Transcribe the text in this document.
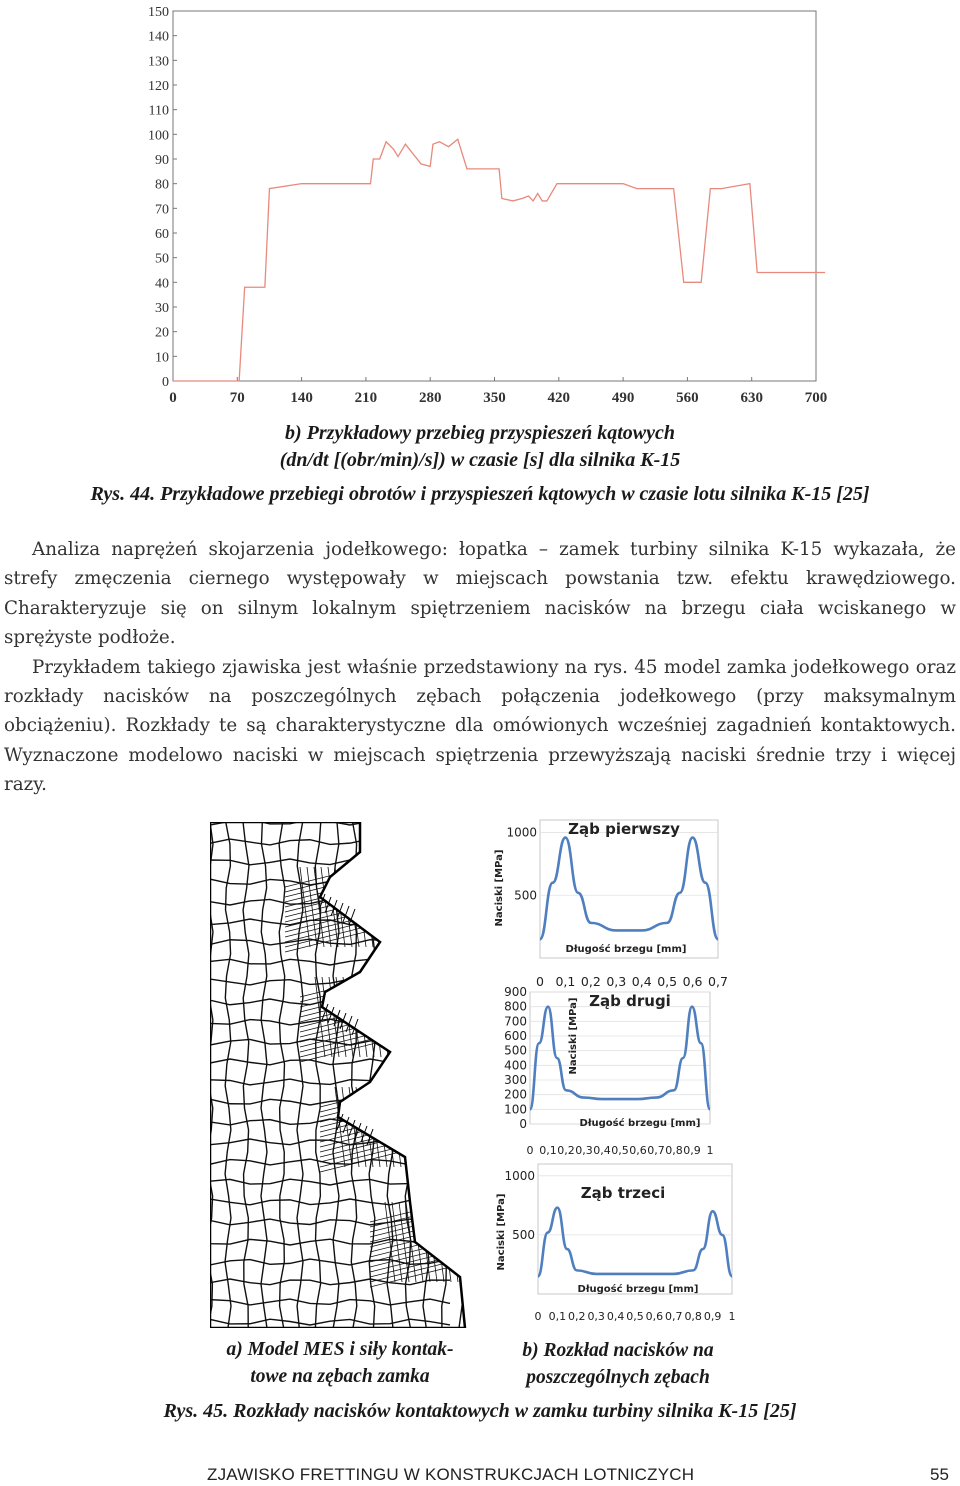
0
10
20
30
40
50
60
70
80
90
100
110
120
130
140
150
0	70	140	210	280	350	420	490	560	630	700
b) Przykładowy przebieg przyspieszeń kątowych
(dn/dt [(obr/min)/s]) w czasie [s] dla silnika K-15
Rys. 44. Przykładowe przebiegi obrotów i przyspieszeń kątowych w czasie lotu silnika K-15 [25]

Analiza naprężeń skojarzenia jodełkowego: łopatka – zamek turbiny silnika K-15 wykazała, że strefy zmęczenia ciernego występowały w miejscach powstania tzw. efektu krawędziowego. Charakteryzuje się on silnym lokalnym spiętrzeniem nacisków na brzegu ciała wciskanego w sprężyste podłoże.

Przykładem takiego zjawiska jest właśnie przedstawiony na rys. 45 model zamka jodełkowego oraz rozkłady nacisków na poszczególnych zębach połączenia jodełkowego (przy maksymalnym obciążeniu). Rozkłady te są charakterystyczne dla omówionych wcześniej zagadnień kontaktowych. Wyznaczone modelowo naciski w miejscach spiętrzenia przewyższają naciski średnie trzy i więcej razy.

500
1000
0 0,1 0,2 0,3 0,4 0,5 0,6 0,7
Ząb pierwszy
Długość brzegu [mm]
Naciski [MPa]
0
100
200
300
400
500
600
700
800
900
0 0,1 0,2 0,3 0,4 0,5 0,6 0,7 0,8 0,9 1
Ząb drugi
Długość brzegu [mm]
Naciski [MPa]
500
1000
0 0,1 0,2 0,3 0,4 0,5 0,6 0,7 0,8 0,9 1
Ząb trzeci
Długość brzegu [mm]
Naciski [MPa]
a) Model MES i siły kontak-
towe na zębach zamka
b) Rozkład nacisków na
poszczególnych zębach
Rys. 45. Rozkłady nacisków kontaktowych w zamku turbiny silnika K-15 [25]
ZJAWISKO FRETTINGU W KONSTRUKCJACH LOTNICZYCH	55
